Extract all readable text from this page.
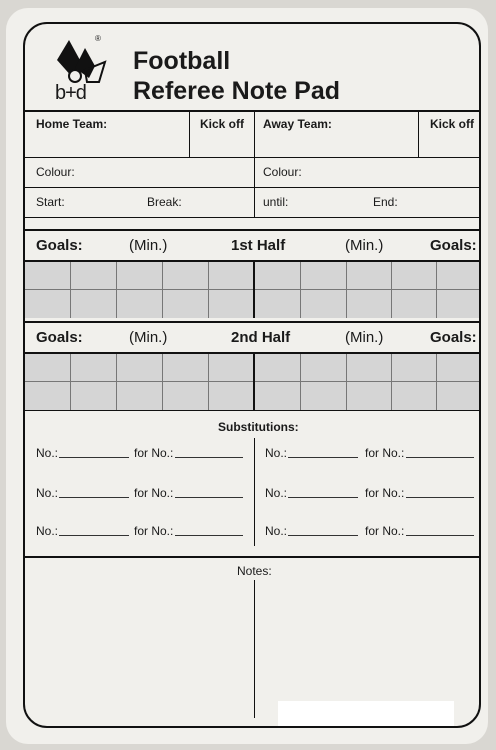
®
b+d
Football
Referee Note Pad
Home Team:	Kick off Away Team:	Kick off
Colour:	Colour:
Start:	Break:	until:	End:
Goals:	(Min.)	1st Half	(Min.)	Goals:
Goals:	(Min.)	2nd Half	(Min.)	Goals:
Substitutions:
No.:	for No.:	No.:	for No.:
No.:	for No.:	No.:	for No.:
No.:	for No.:	No.:	for No.:
Notes:
